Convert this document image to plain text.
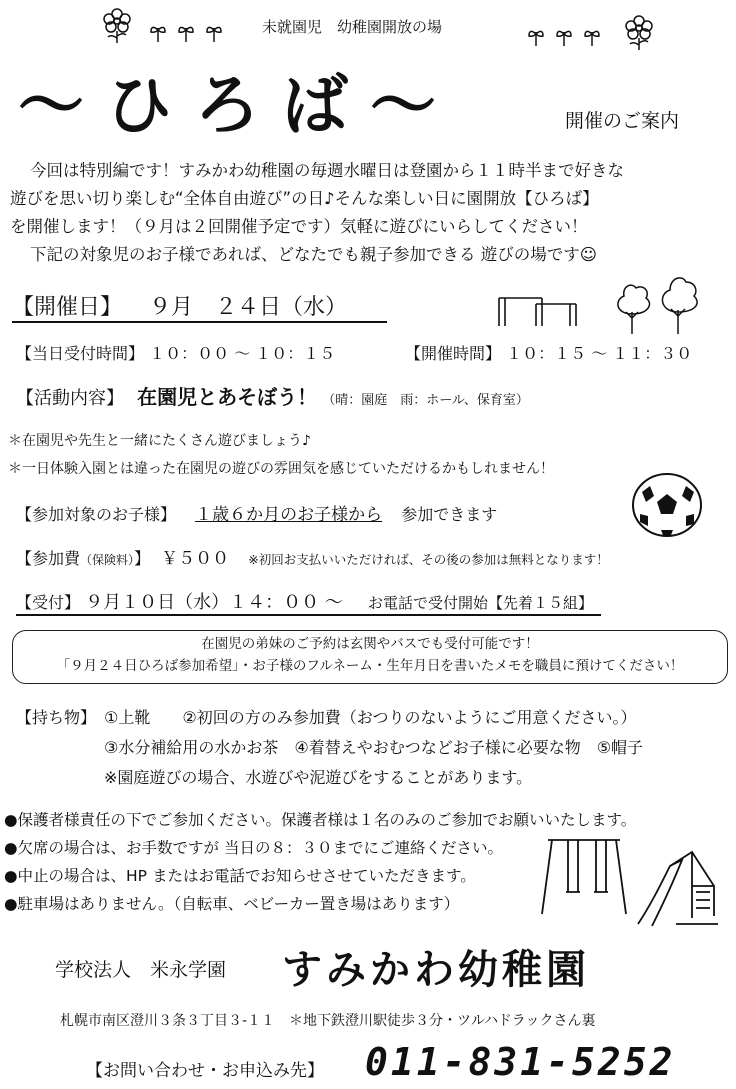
未就園児　幼稚園開放の場
～ひろば～	開催のご案内
今回は特別編です！すみかわ幼稚園の毎週水曜日は登園から１１時半まで好きな
遊びを思い切り楽しむ“全体自由遊び”の日♪そんな楽しい日に園開放【ひろば】
を開催します！（９月は２回開催予定です）気軽に遊びにいらしてください！
下記の対象児のお子様であれば、どなたでも親子参加できる 遊びの場です☺
【開催日】 ９月　２４日（水）
【当日受付時間】 １０：００ ～ １０：１５	【開催時間】 １０：１５ ～ １１：３０
【活動内容】 在園児とあそぼう！ （晴：園庭　雨：ホール、保育室）
＊在園児や先生と一緒にたくさん遊びましょう♪
＊一日体験入園とは違った在園児の遊びの雰囲気を感じていただけるかもしれません！
【参加対象のお子様】 １歳６か月のお子様から 参加できます
【参加費（保険料）】 ￥５００ ※初回お支払いいただければ、その後の参加は無料となります！
【受付】 ９月１０日（水）１４：００ ～ お電話で受付開始【先着１５組】
在園児の弟妹のご予約は玄関やバスでも受付可能です！
「９月２４日ひろば参加希望」・お子様のフルネーム・生年月日を書いたメモを職員に預けてください！
【持ち物】 ①上靴　　②初回の方のみ参加費（おつりのないようにご用意ください。）
③水分補給用の水かお茶　④着替えやおむつなどお子様に必要な物　⑤帽子
※園庭遊びの場合、水遊びや泥遊びをすることがあります。
●保護者様責任の下でご参加ください。保護者様は１名のみのご参加でお願いいたします。
●欠席の場合は、お手数ですが 当日の８：３０までにご連絡ください。
●中止の場合は、HP またはお電話でお知らせさせていただきます。
●駐車場はありません。（自転車、ベビーカー置き場はあります）
学校法人　米永学園 すみかわ幼稚園
札幌市南区澄川３条３丁目３-１１　＊地下鉄澄川駅徒歩３分・ツルハドラックさん裏
【お問い合わせ・お申込み先】 011-831-5252
